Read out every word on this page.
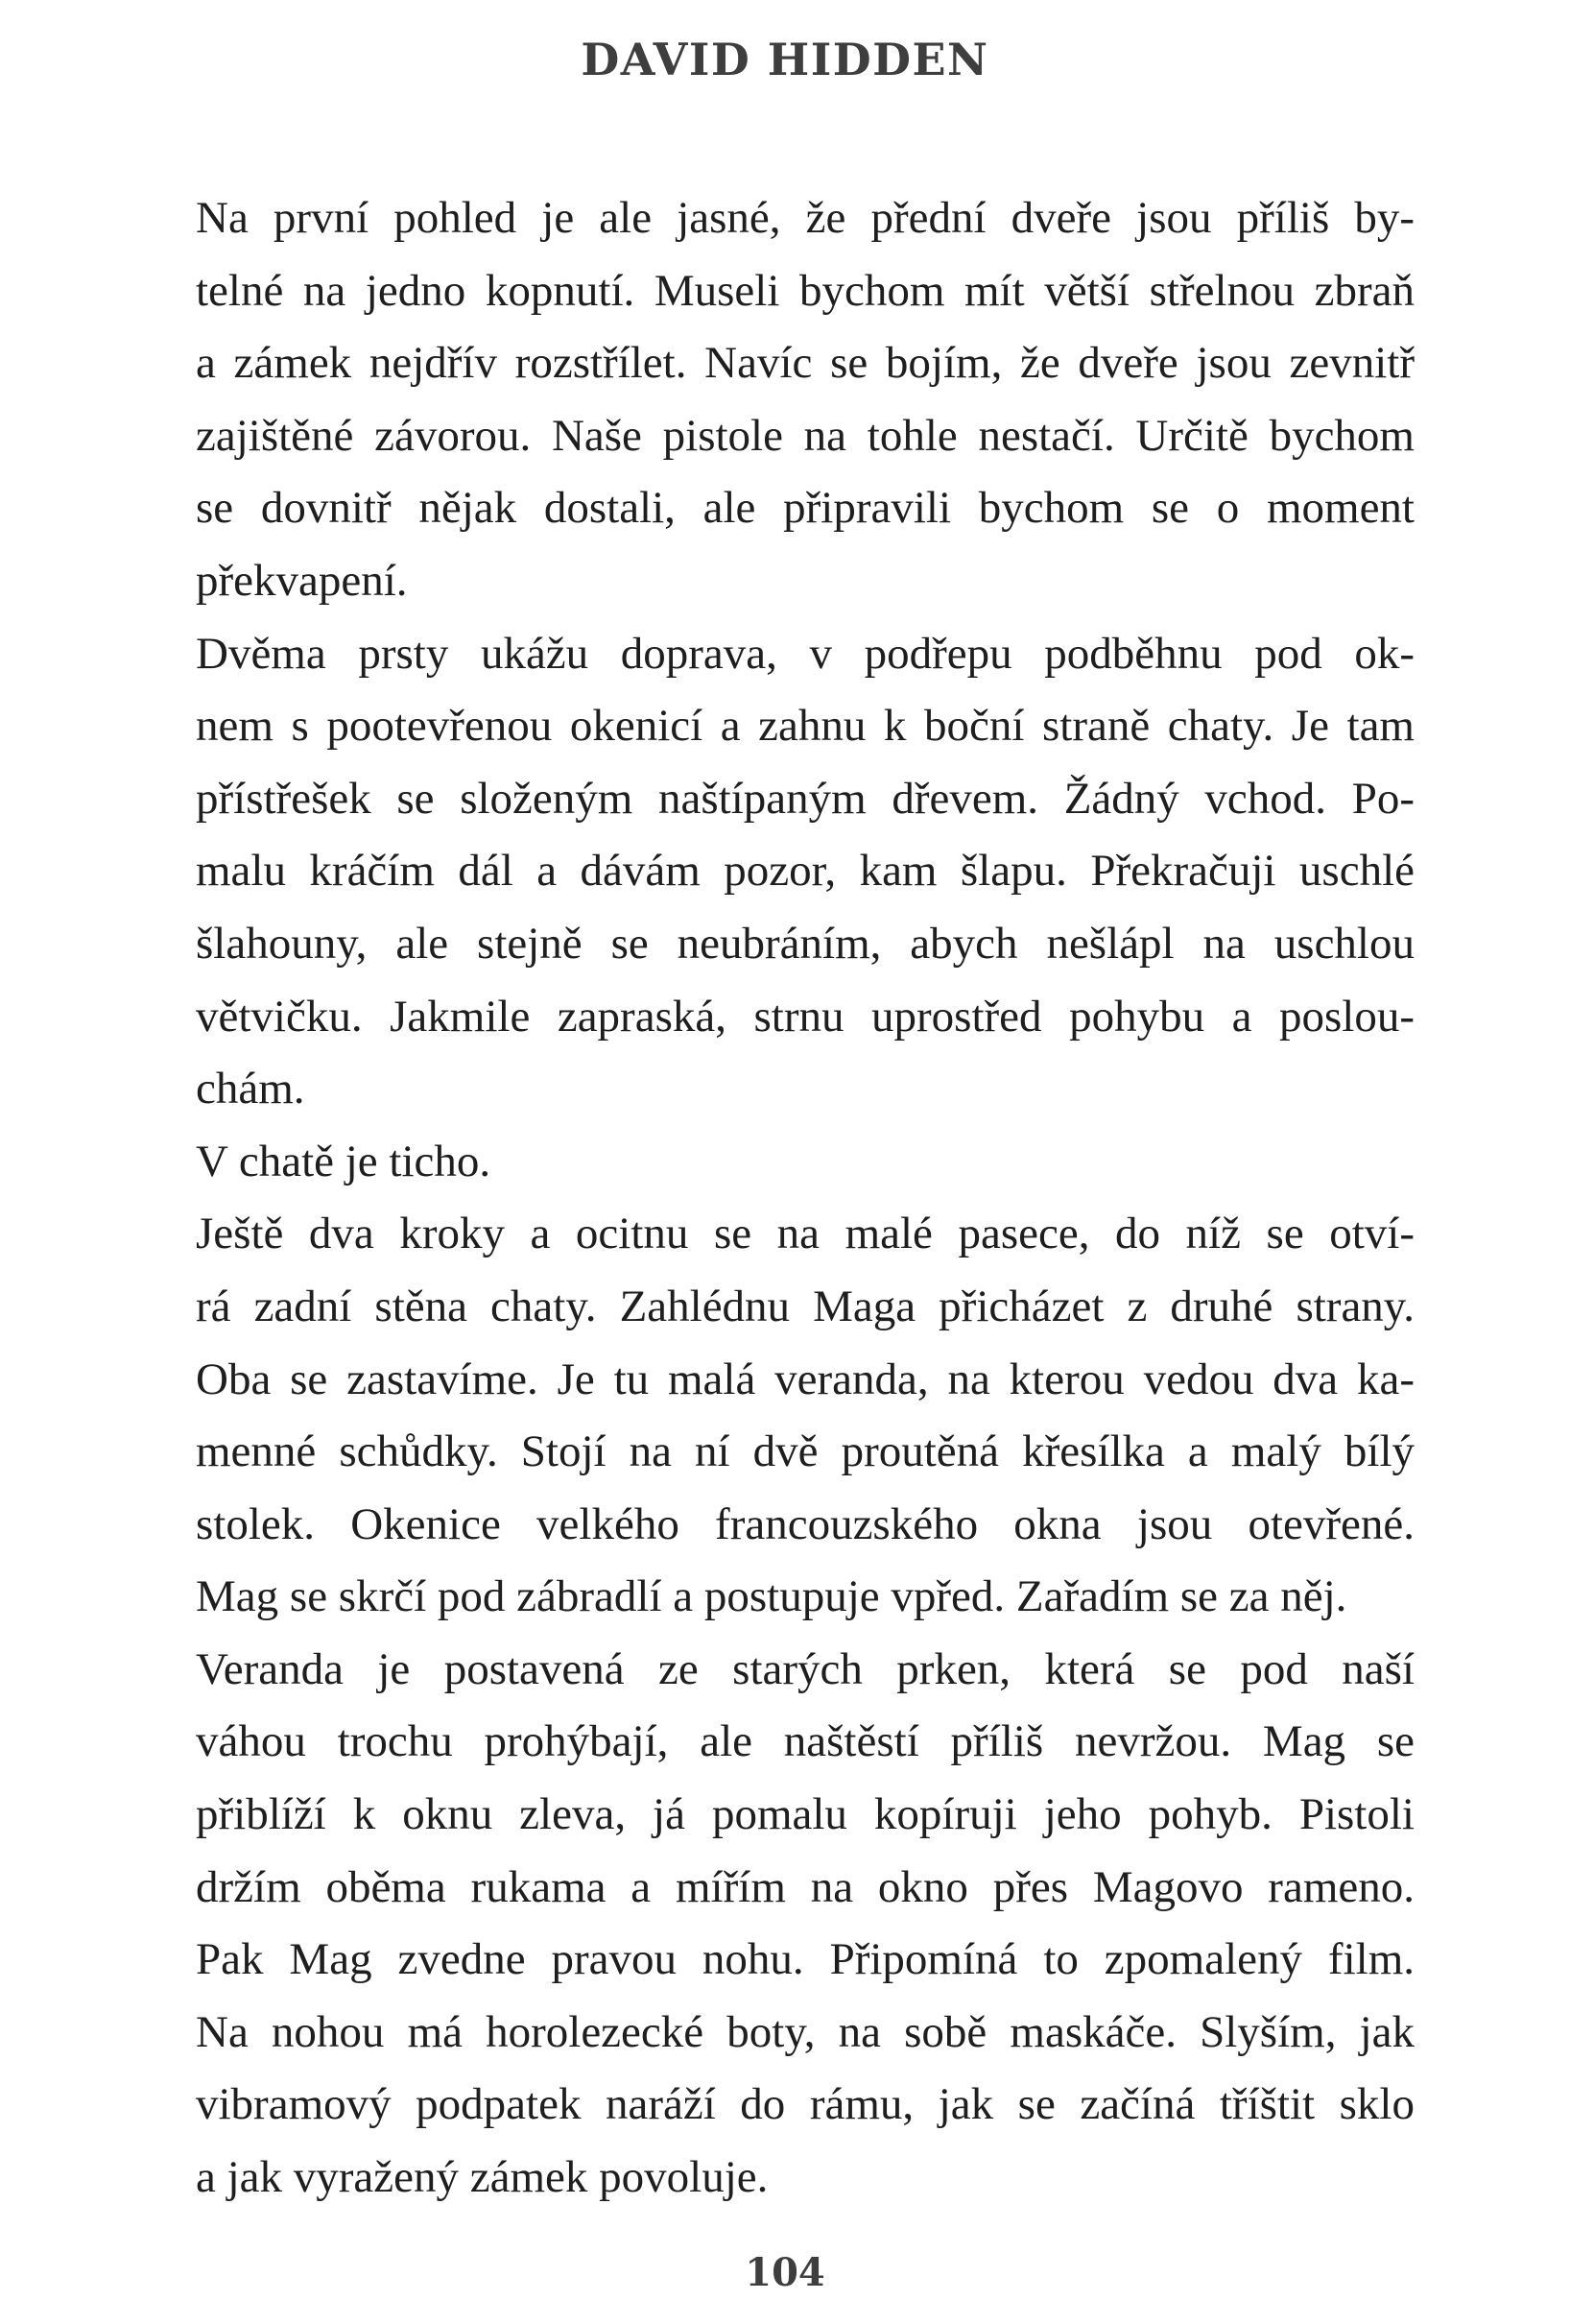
DAVID HIDDEN

Na první pohled je ale jasné, že přední dveře jsou příliš by-
telné na jedno kopnutí. Museli bychom mít větší střelnou zbraň
a zámek nejdřív rozstřílet. Navíc se bojím, že dveře jsou zevnitř
zajištěné závorou. Naše pistole na tohle nestačí. Určitě bychom
se dovnitř nějak dostali, ale připravili bychom se o moment
překvapení.

Dvěma prsty ukážu doprava, v podřepu podběhnu pod ok-
nem s pootevřenou okenicí a zahnu k boční straně chaty. Je tam
přístřešek se složeným naštípaným dřevem. Žádný vchod. Po-
malu kráčím dál a dávám pozor, kam šlapu. Překračuji uschlé
šlahouny, ale stejně se neubráním, abych nešlápl na uschlou
větvičku. Jakmile zapraská, strnu uprostřed pohybu a poslou-
chám.

V chatě je ticho.

Ještě dva kroky a ocitnu se na malé pasece, do níž se otví-
rá zadní stěna chaty. Zahlédnu Maga přicházet z druhé strany.
Oba se zastavíme. Je tu malá veranda, na kterou vedou dva ka-
menné schůdky. Stojí na ní dvě proutěná křesílka a malý bílý
stolek. Okenice velkého francouzského okna jsou otevřené.
Mag se skrčí pod zábradlí a postupuje vpřed. Zařadím se za něj.

Veranda je postavená ze starých prken, která se pod naší
váhou trochu prohýbají, ale naštěstí příliš nevržou. Mag se
přiblíží k oknu zleva, já pomalu kopíruji jeho pohyb. Pistoli
držím oběma rukama a mířím na okno přes Magovo rameno.
Pak Mag zvedne pravou nohu. Připomíná to zpomalený film.
Na nohou má horolezecké boty, na sobě maskáče. Slyším, jak
vibramový podpatek naráží do rámu, jak se začíná tříštit sklo
a jak vyražený zámek povoluje.

104
